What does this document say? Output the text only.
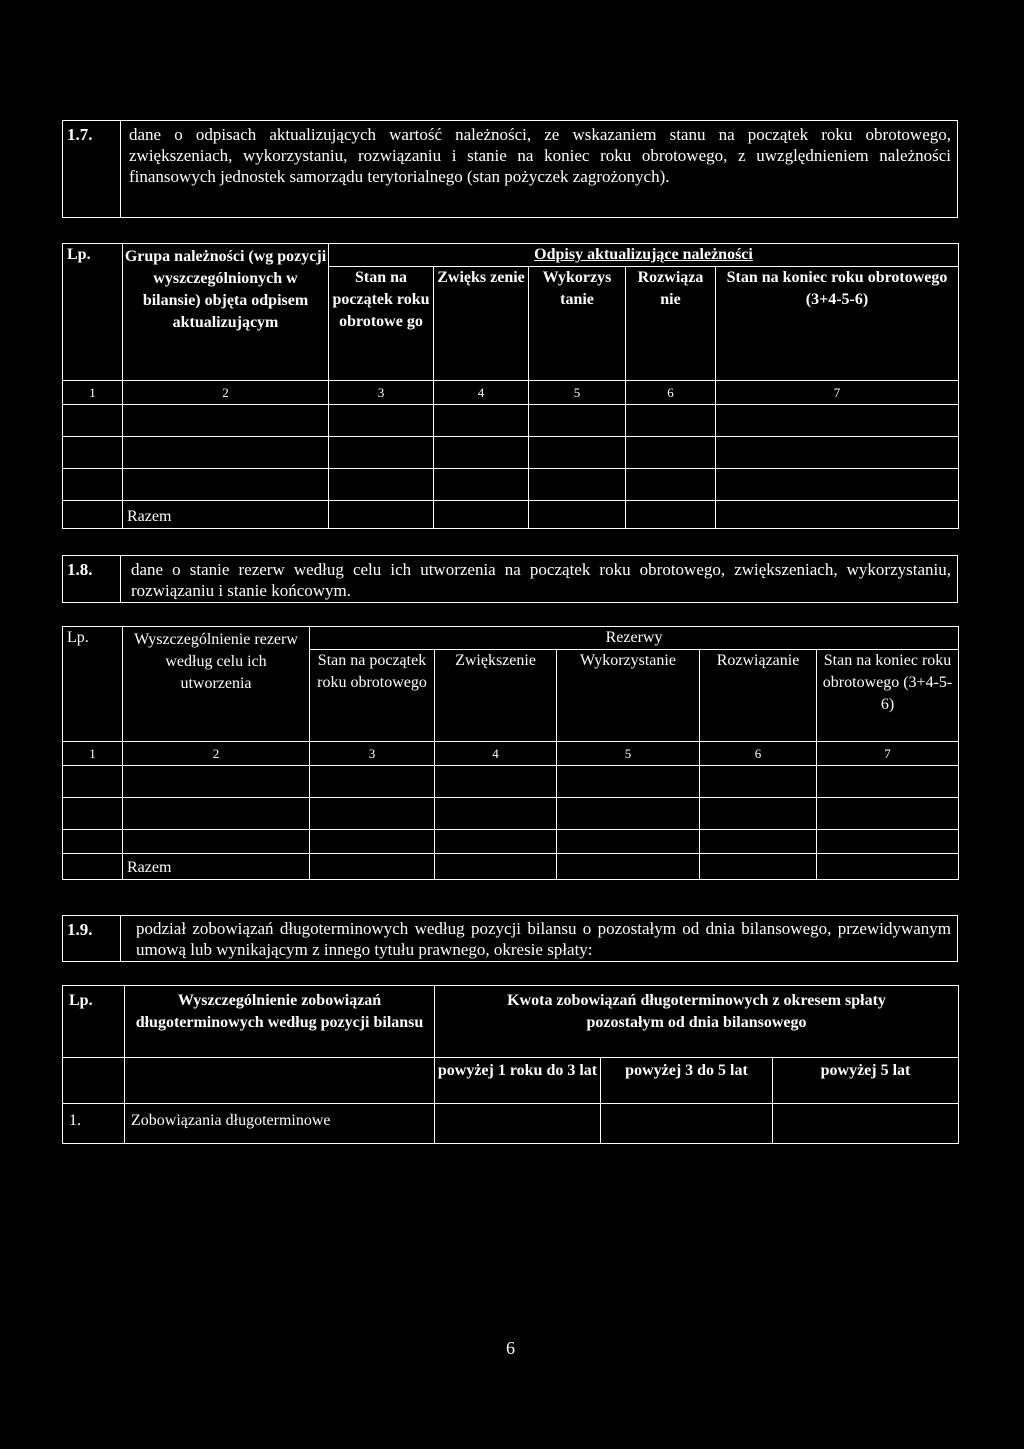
1.7. dane o odpisach aktualizujących wartość należności, ze wskazaniem stanu na początek roku obrotowego, zwiększeniach, wykorzystaniu, rozwiązaniu i stanie na koniec roku obrotowego, z uwzględnieniem należności finansowych jednostek samorządu terytorialnego (stan pożyczek zagrożonych).
Lp.	Grupa należności (wg pozycji wyszczególnionych w bilansie) objęta odpisem aktualizującym	Odpisy aktualizujące należności				
		Stan na początek roku obrotowe go	Zwięks zenie	Wykorzys tanie	Rozwiąza nie	Stan na koniec roku obrotowego (3+4-5-6)
1	2	3	4	5	6	7

	Razem					
1.8. dane o stanie rezerw według celu ich utworzenia na początek roku obrotowego, zwiększeniach, wykorzystaniu, rozwiązaniu i stanie końcowym.
Lp.	Wyszczególnienie rezerw według celu ich utworzenia	Rezerwy				
		Stan na początek roku obrotowego	Zwiększenie	Wykorzystanie	Rozwiązanie	Stan na koniec roku obrotowego (3+4-5-6)
1	2	3	4	5	6	7

	Razem					
1.9.	podział zobowiązań długoterminowych według pozycji bilansu o pozostałym od dnia bilansowego, przewidywanym umową lub wynikającym z innego tytułu prawnego, okresie spłaty:
Lp.	Wyszczególnienie zobowiązań długoterminowych według pozycji bilansu	Kwota zobowiązań długoterminowych z okresem spłaty pozostałym od dnia bilansowego		
		powyżej 1 roku do 3 lat	powyżej 3 do 5 lat	powyżej 5 lat
1.	Zobowiązania długoterminowe			
6
